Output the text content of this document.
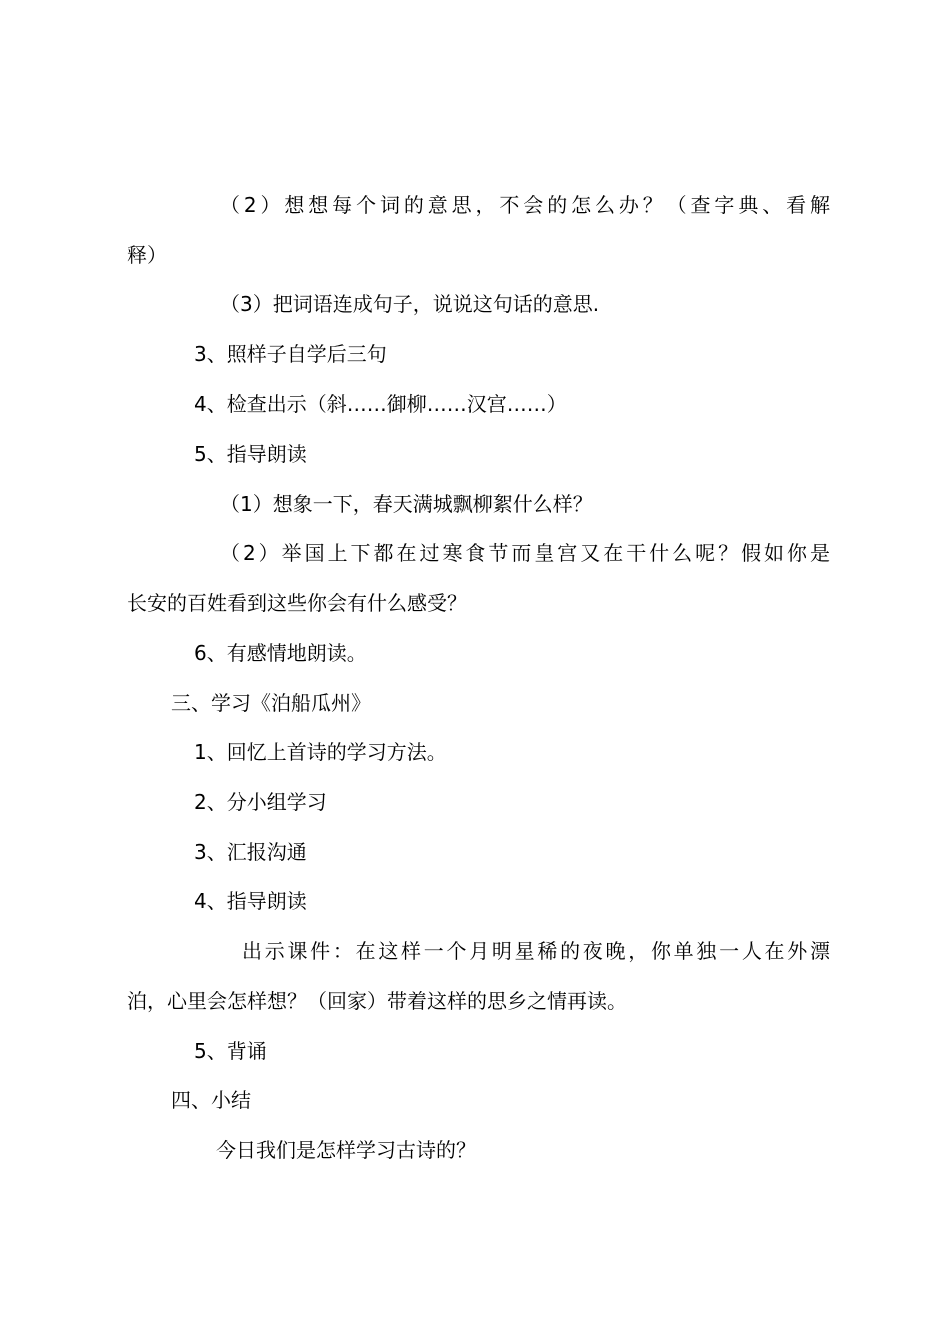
（2）想想每个词的意思，不会的怎么办？（查字典、看解
释）
（3）把词语连成句子，说说这句话的意思.
3、照样子自学后三句
4、检查出示（斜……御柳……汉宫……）
5、指导朗读
（1）想象一下，春天满城飘柳絮什么样？
（2）举国上下都在过寒食节而皇宫又在干什么呢？假如你是
长安的百姓看到这些你会有什么感受？
6、有感情地朗读。
三、学习《泊船瓜州》
1、回忆上首诗的学习方法。
2、分小组学习
3、汇报沟通
4、指导朗读
出示课件：在这样一个月明星稀的夜晚，你单独一人在外漂
泊，心里会怎样想？（回家）带着这样的思乡之情再读。
5、背诵
四、小结
今日我们是怎样学习古诗的？
